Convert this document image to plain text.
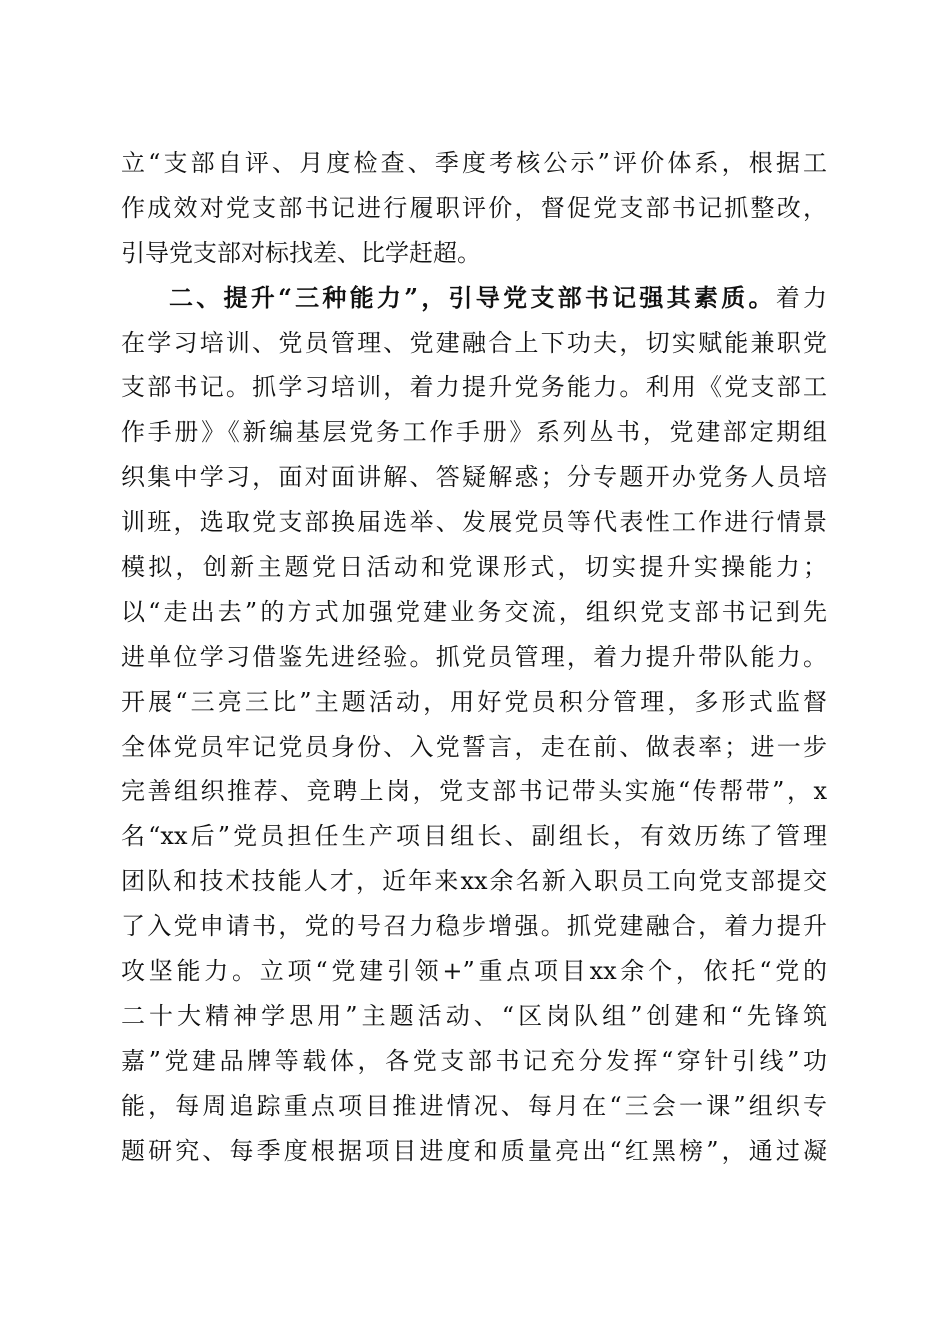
立“支部自评、月度检查、季度考核公示”评价体系，根据工
作成效对党支部书记进行履职评价，督促党支部书记抓整改，
引导党支部对标找差、比学赶超。
二、提升“三种能力”，引导党支部书记强其素质。着力
在学习培训、党员管理、党建融合上下功夫，切实赋能兼职党
支部书记。抓学习培训，着力提升党务能力。利用《党支部工
作手册》《新编基层党务工作手册》系列丛书，党建部定期组
织集中学习，面对面讲解、答疑解惑；分专题开办党务人员培
训班，选取党支部换届选举、发展党员等代表性工作进行情景
模拟，创新主题党日活动和党课形式，切实提升实操能力；
以“走出去”的方式加强党建业务交流，组织党支部书记到先
进单位学习借鉴先进经验。抓党员管理，着力提升带队能力。
开展“三亮三比”主题活动，用好党员积分管理，多形式监督
全体党员牢记党员身份、入党誓言，走在前、做表率；进一步
完善组织推荐、竞聘上岗，党支部书记带头实施“传帮带”，x
名“xx后”党员担任生产项目组长、副组长，有效历练了管理
团队和技术技能人才，近年来xx余名新入职员工向党支部提交
了入党申请书，党的号召力稳步增强。抓党建融合，着力提升
攻坚能力。立项“党建引领+”重点项目xx余个，依托“党的
二十大精神学思用”主题活动、“区岗队组”创建和“先锋筑
嘉”党建品牌等载体，各党支部书记充分发挥“穿针引线”功
能，每周追踪重点项目推进情况、每月在“三会一课”组织专
题研究、每季度根据项目进度和质量亮出“红黑榜”，通过凝
